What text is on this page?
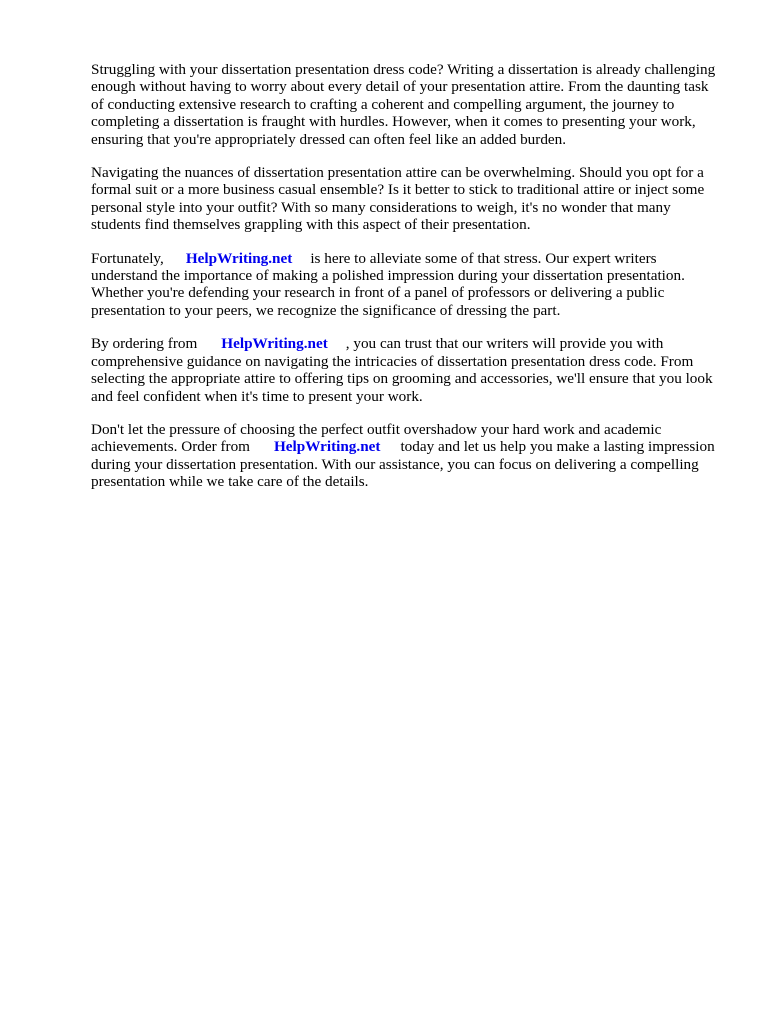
Struggling with your dissertation presentation dress code? Writing a dissertation is already challenging enough without having to worry about every detail of your presentation attire. From the daunting task of conducting extensive research to crafting a coherent and compelling argument, the journey to completing a dissertation is fraught with hurdles. However, when it comes to presenting your work, ensuring that you're appropriately dressed can often feel like an added burden.

Navigating the nuances of dissertation presentation attire can be overwhelming. Should you opt for a formal suit or a more business casual ensemble? Is it better to stick to traditional attire or inject some personal style into your outfit? With so many considerations to weigh, it's no wonder that many students find themselves grappling with this aspect of their presentation.

Fortunately, HelpWriting.net is here to alleviate some of that stress. Our expert writers understand the importance of making a polished impression during your dissertation presentation. Whether you're defending your research in front of a panel of professors or delivering a public presentation to your peers, we recognize the significance of dressing the part.

By ordering from HelpWriting.net , you can trust that our writers will provide you with comprehensive guidance on navigating the intricacies of dissertation presentation dress code. From selecting the appropriate attire to offering tips on grooming and accessories, we'll ensure that you look and feel confident when it's time to present your work.

Don't let the pressure of choosing the perfect outfit overshadow your hard work and academic achievements. Order from HelpWriting.net today and let us help you make a lasting impression during your dissertation presentation. With our assistance, you can focus on delivering a compelling presentation while we take care of the details.
